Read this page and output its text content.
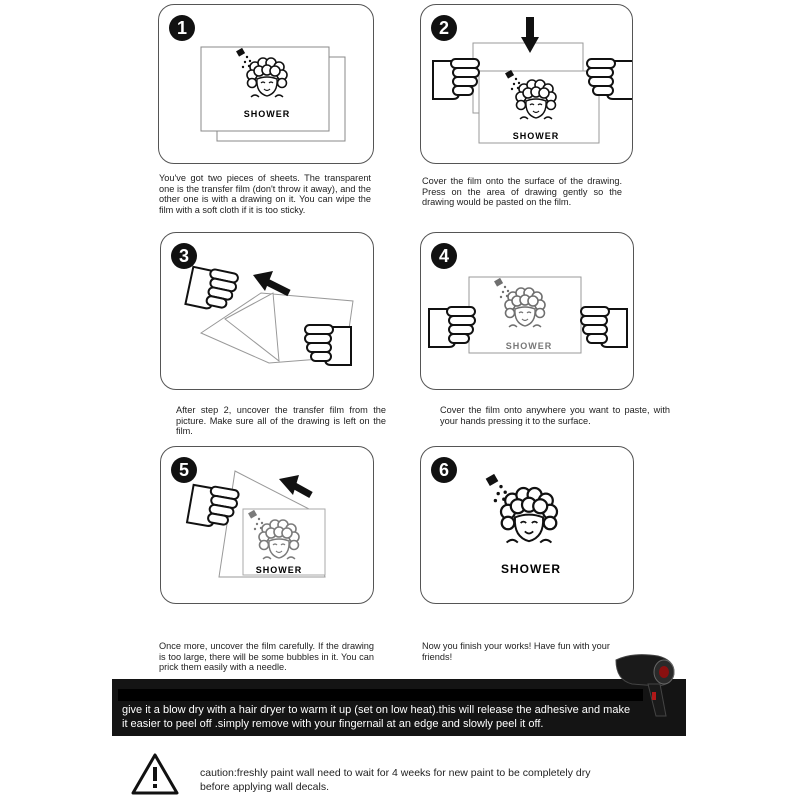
1
SHOWER
You've got two pieces of sheets. The transparent one is the transfer film (don't throw it away), and the other one is with a drawing on it. You can wipe the film with a soft cloth if it is too sticky.
2
SHOWER
Cover the film onto the surface of the drawing. Press on the area of drawing gently so the drawing would be pasted on the film.
3
After step 2, uncover the transfer film from the picture. Make sure all of the drawing is left on the film.
4
SHOWER
Cover the film onto anywhere you want to paste, with your hands pressing it to the surface.
5
SHOWER
Once more, uncover the film carefully. If the drawing is too large, there will be some bubbles in it. You can prick them easily with a needle.
6
SHOWER
Now you finish your works! Have fun with your friends!
give it a blow dry with a hair dryer to warm it up (set on low heat).this will release the adhesive and make it easier to peel off .simply remove with your fingernail at an edge and slowly peel it off.
caution:freshly paint wall need to wait for 4 weeks for new paint to be completely dry before applying wall decals.
